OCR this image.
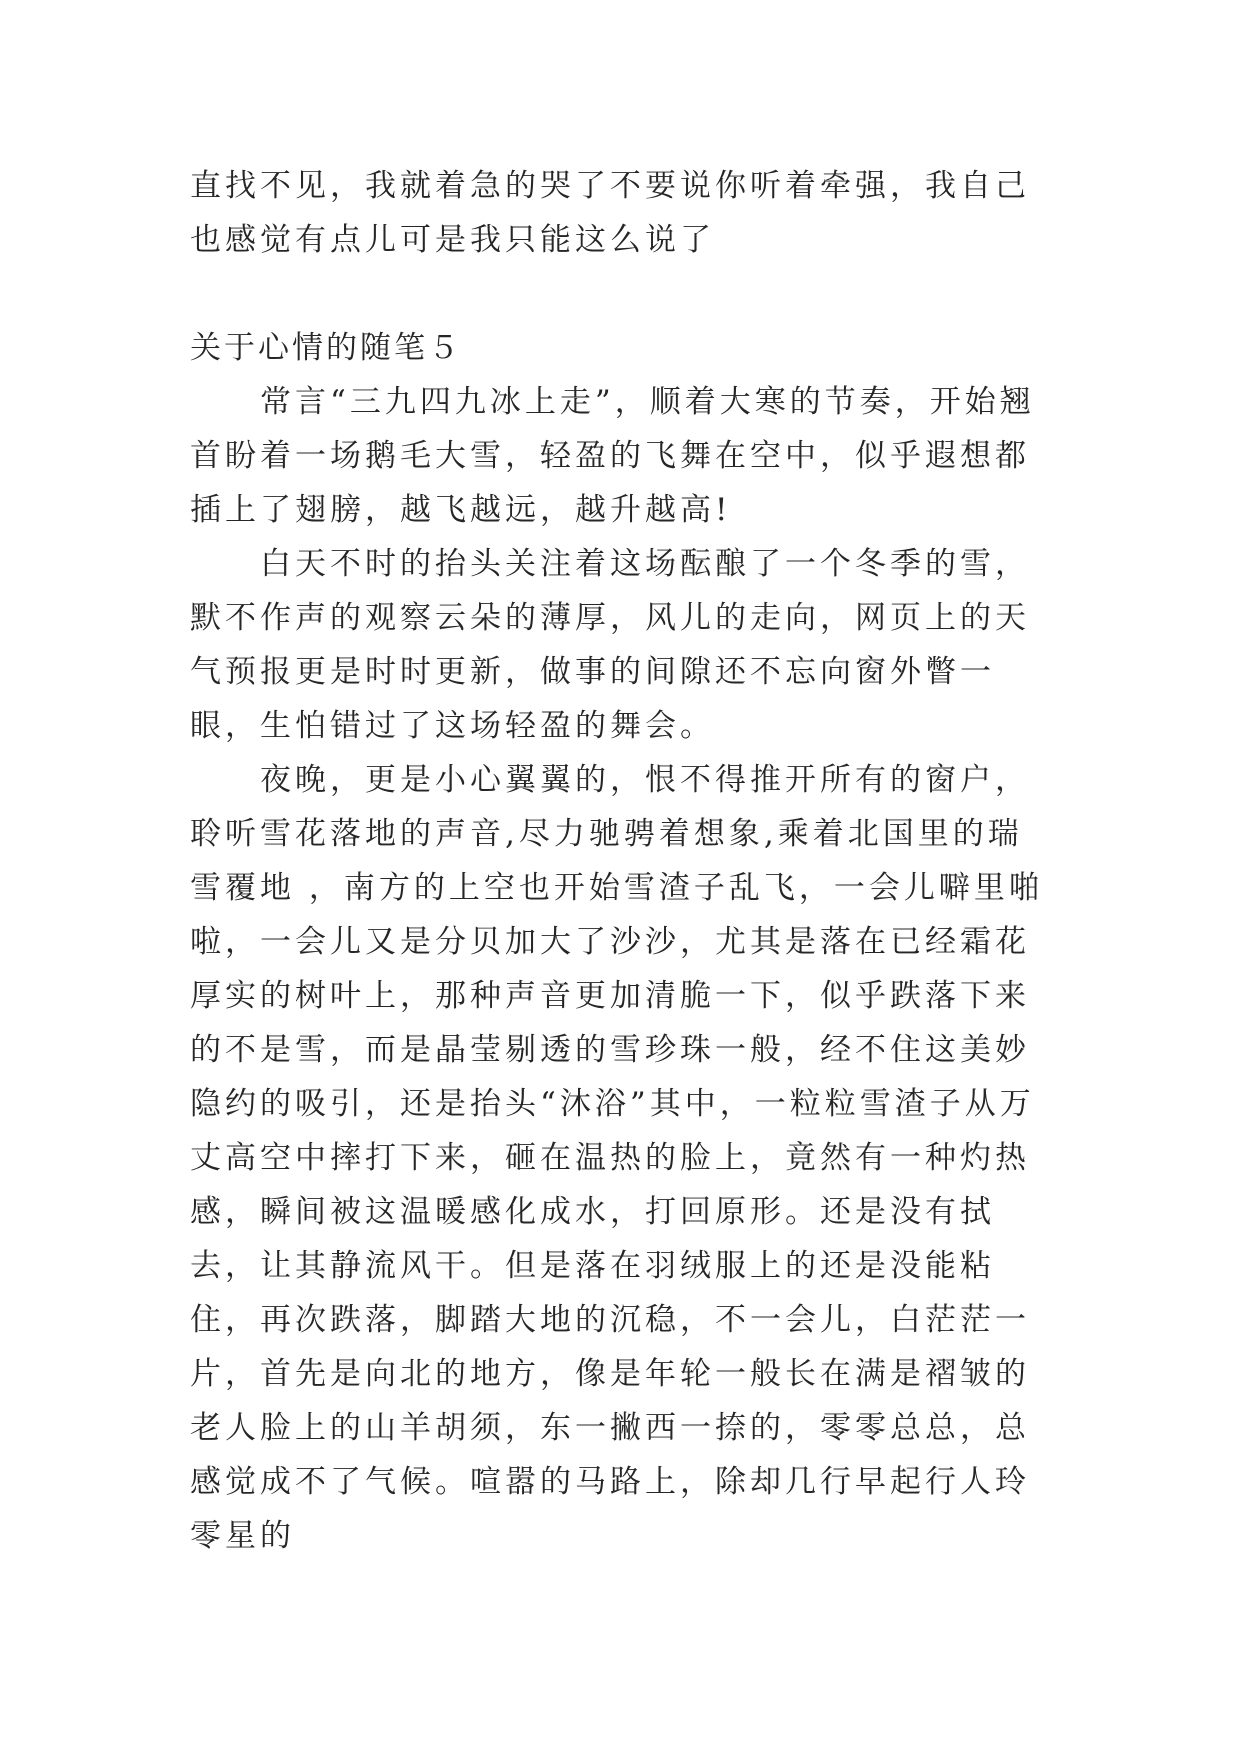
直找不见，我就着急的哭了不要说你听着牵强，我自己也感觉有点儿可是我只能这么说了

关于心情的随笔５

常言“三九四九冰上走”，顺着大寒的节奏，开始翘首盼着一场鹅毛大雪，轻盈的飞舞在空中，似乎遐想都插上了翅膀，越飞越远，越升越高!

白天不时的抬头关注着这场酝酿了一个冬季的雪，默不作声的观察云朵的薄厚，风儿的走向，网页上的天气预报更是时时更新，做事的间隙还不忘向窗外瞥一眼，生怕错过了这场轻盈的舞会。

夜晚，更是小心翼翼的，恨不得推开所有的窗户，聆听雪花落地的声音,尽力驰骋着想象,乘着北国里的瑞雪覆地 ，南方的上空也开始雪渣子乱飞，一会儿噼里啪啦，一会儿又是分贝加大了沙沙，尤其是落在已经霜花厚实的树叶上，那种声音更加清脆一下，似乎跌落下来的不是雪，而是晶莹剔透的雪珍珠一般，经不住这美妙隐约的吸引，还是抬头“沐浴”其中，一粒粒雪渣子从万丈高空中摔打下来，砸在温热的脸上，竟然有一种灼热感，瞬间被这温暖感化成水，打回原形。还是没有拭去，让其静流风干。但是落在羽绒服上的还是没能粘住，再次跌落，脚踏大地的沉稳，不一会儿，白茫茫一片，首先是向北的地方，像是年轮一般长在满是褶皱的老人脸上的山羊胡须，东一撇西一捺的，零零总总，总感觉成不了气候。喧嚣的马路上，除却几行早起行人玲零星的
